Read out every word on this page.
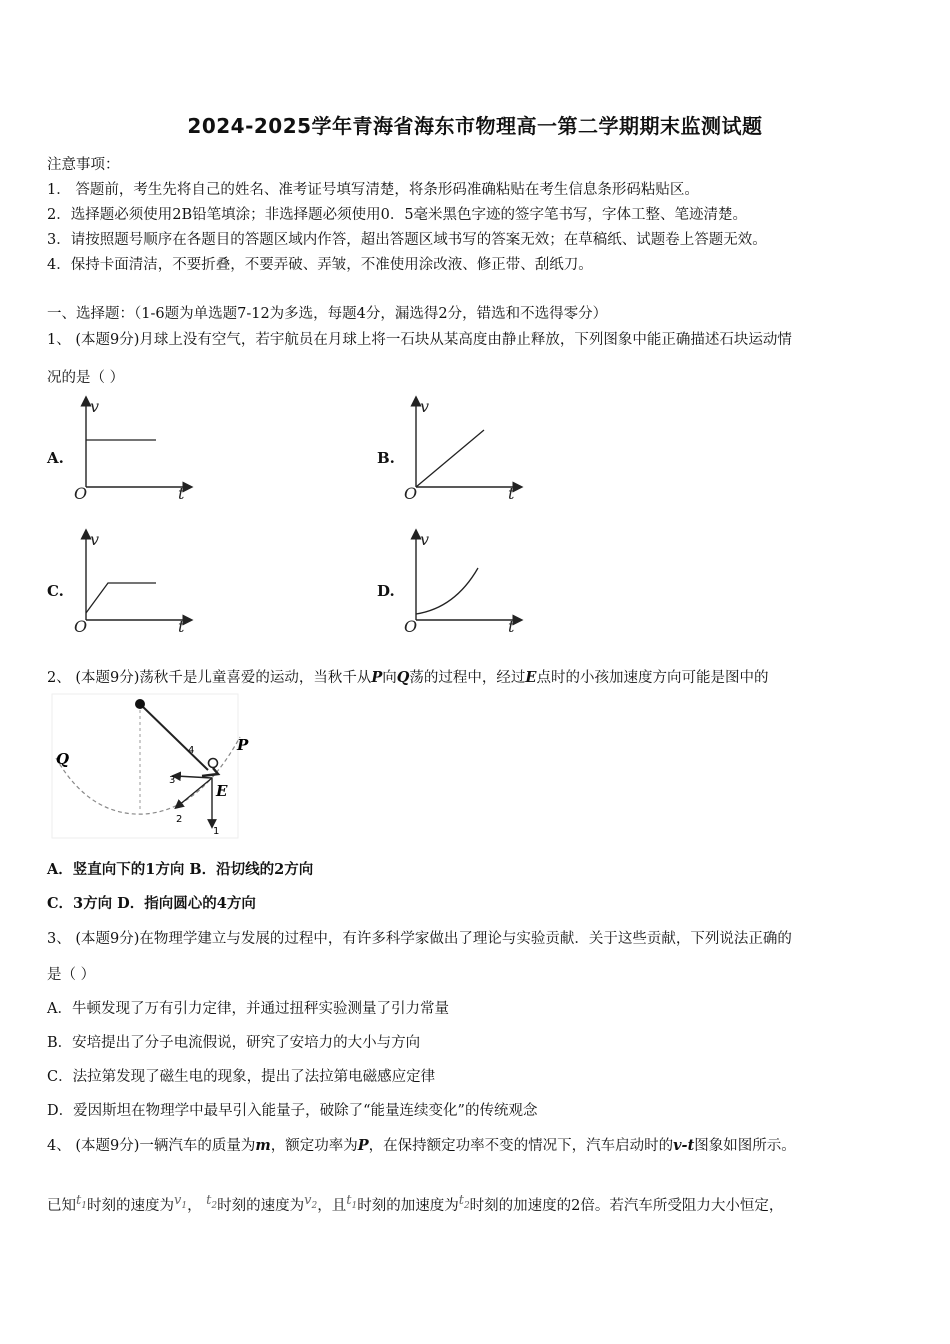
2024-2025学年青海省海东市物理高一第二学期期末监测试题
注意事项：
1． 答题前，考生先将自己的姓名、准考证号填写清楚，将条形码准确粘贴在考生信息条形码粘贴区。
2．选择题必须使用2B铅笔填涂；非选择题必须使用0．5毫米黑色字迹的签字笔书写，字体工整、笔迹清楚。
3．请按照题号顺序在各题目的答题区域内作答，超出答题区域书写的答案无效；在草稿纸、试题卷上答题无效。
4．保持卡面清洁，不要折叠，不要弄破、弄皱，不准使用涂改液、修正带、刮纸刀。
一、选择题：（1-6题为单选题7-12为多选，每题4分，漏选得2分，错选和不选得零分）
1、 (本题9分)月球上没有空气，若宇航员在月球上将一石块从某高度由静止释放，下列图象中能正确描述石块运动情
况的是（ ）
A.	B.
C.	D.
v
t
O
v
t
O
v
t
O
v
t
O
2、 (本题9分)荡秋千是儿童喜爱的运动，当秋千从P向Q荡的过程中，经过E点时的小孩加速度方向可能是图中的
Q
P
E
1
2
3
4
A．竖直向下的1方向 B．沿切线的2方向
C．3方向 D．指向圆心的4方向
3、 (本题9分)在物理学建立与发展的过程中，有许多科学家做出了理论与实验贡献．关于这些贡献，下列说法正确的
是（ ）
A．牛顿发现了万有引力定律，并通过扭秤实验测量了引力常量
B．安培提出了分子电流假说，研究了安培力的大小与方向
C．法拉第发现了磁生电的现象，提出了法拉第电磁感应定律
D．爱因斯坦在物理学中最早引入能量子，破除了“能量连续变化”的传统观念
4、 (本题9分)一辆汽车的质量为m，额定功率为P，在保持额定功率不变的情况下，汽车启动时的v-t图象如图所示。
已知$t_1$时刻的速度为$v_1$， $t_2$时刻的速度为$v_2$，且$t_1$时刻的加速度为$t_2$时刻的加速度的2倍。若汽车所受阻力大小恒定，
